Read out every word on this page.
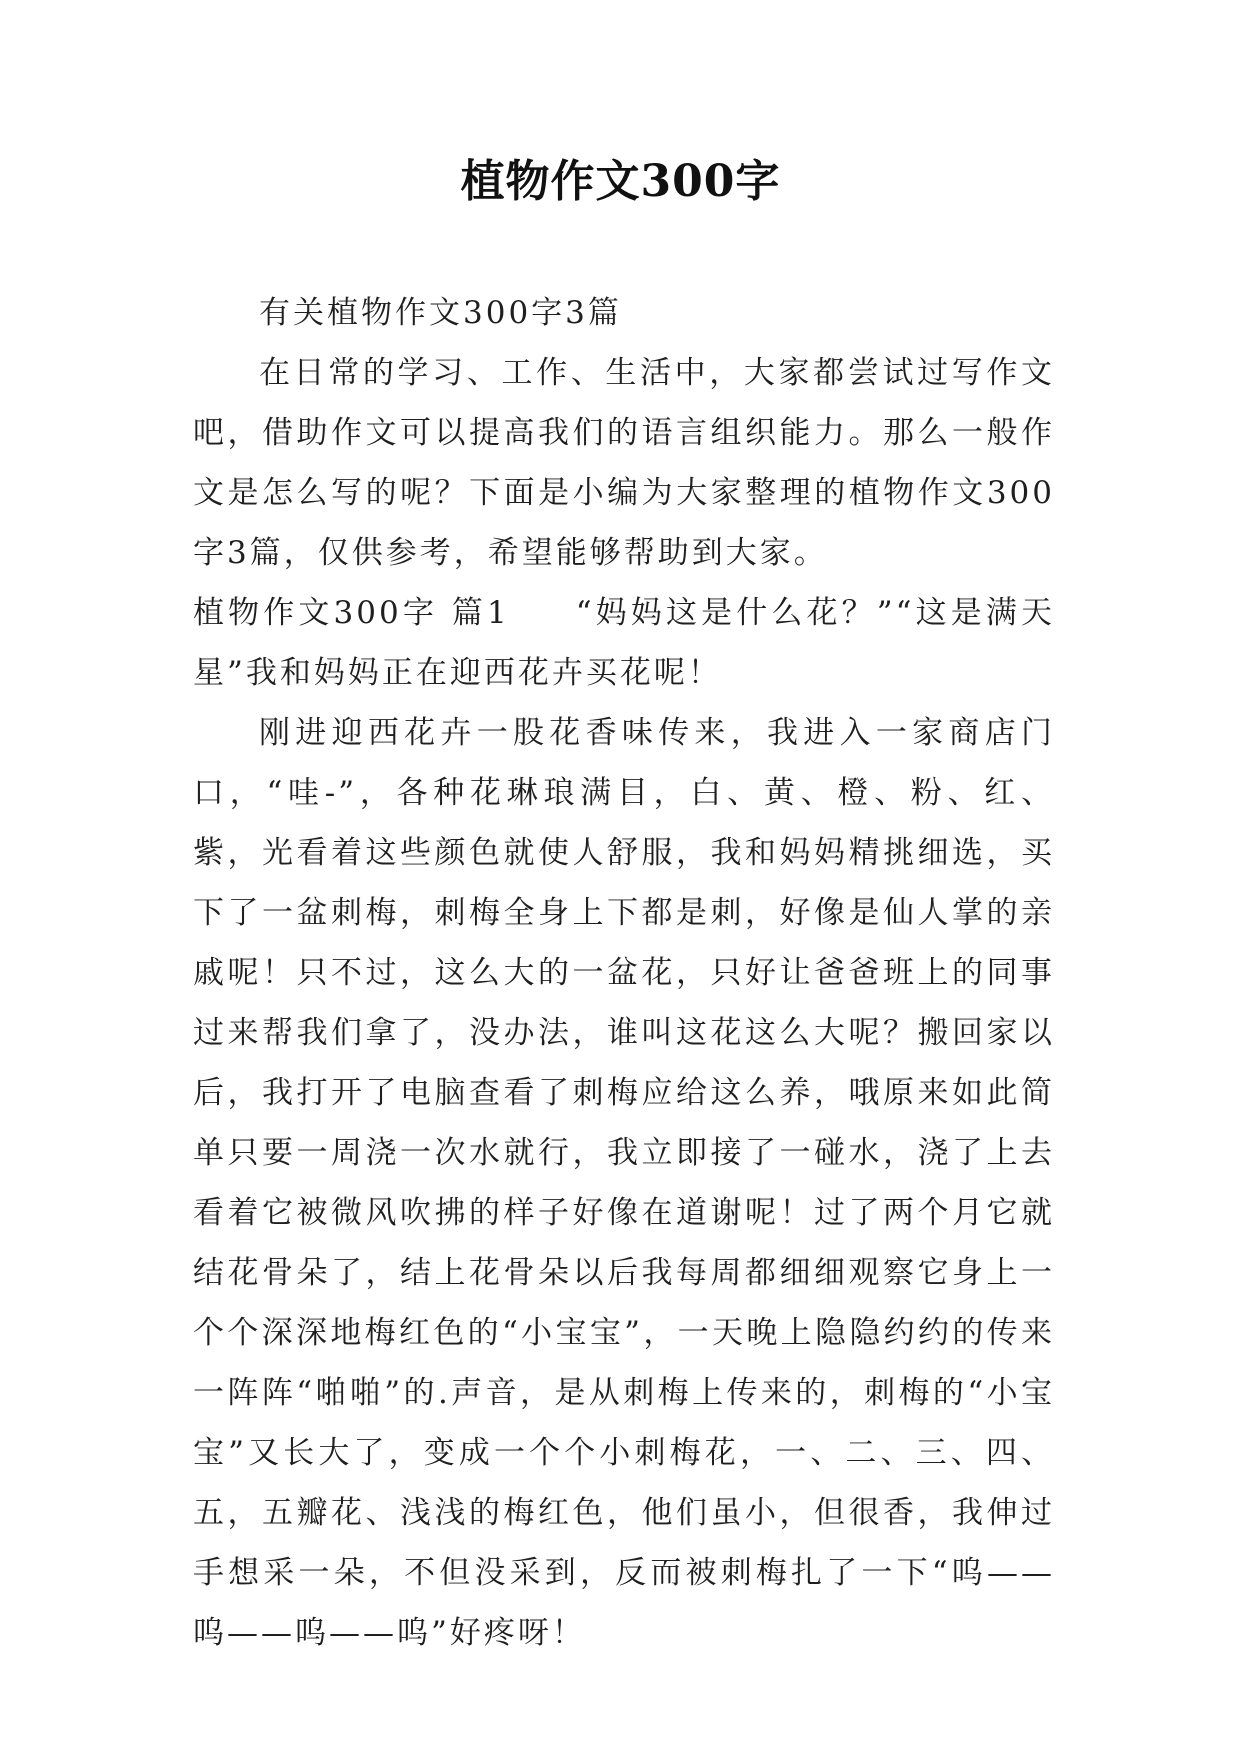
植物作文300字

有关植物作文300字3篇

在日常的学习、工作、生活中，大家都尝试过写作文吧，借助作文可以提高我们的语言组织能力。那么一般作文是怎么写的呢？下面是小编为大家整理的植物作文300字3篇，仅供参考，希望能够帮助到大家。

植物作文300字 篇1 “妈妈这是什么花？”“这是满天星”我和妈妈正在迎西花卉买花呢！

刚进迎西花卉一股花香味传来，我进入一家商店门口，“哇-”，各种花琳琅满目，白、黄、橙、粉、红、紫，光看着这些颜色就使人舒服，我和妈妈精挑细选，买下了一盆刺梅，刺梅全身上下都是刺，好像是仙人掌的亲戚呢！只不过，这么大的一盆花，只好让爸爸班上的同事过来帮我们拿了，没办法，谁叫这花这么大呢？搬回家以后，我打开了电脑查看了刺梅应给这么养，哦原来如此简单只要一周浇一次水就行，我立即接了一碰水，浇了上去看着它被微风吹拂的样子好像在道谢呢！过了两个月它就结花骨朵了，结上花骨朵以后我每周都细细观察它身上一个个深深地梅红色的“小宝宝”，一天晚上隐隐约约的传来一阵阵“啪啪”的.声音，是从刺梅上传来的，刺梅的“小宝宝”又长大了，变成一个个小刺梅花，一、二、三、四、五，五瓣花、浅浅的梅红色，他们虽小，但很香，我伸过手想采一朵，不但没采到，反而被刺梅扎了一下“呜——呜——呜——呜”好疼呀！
